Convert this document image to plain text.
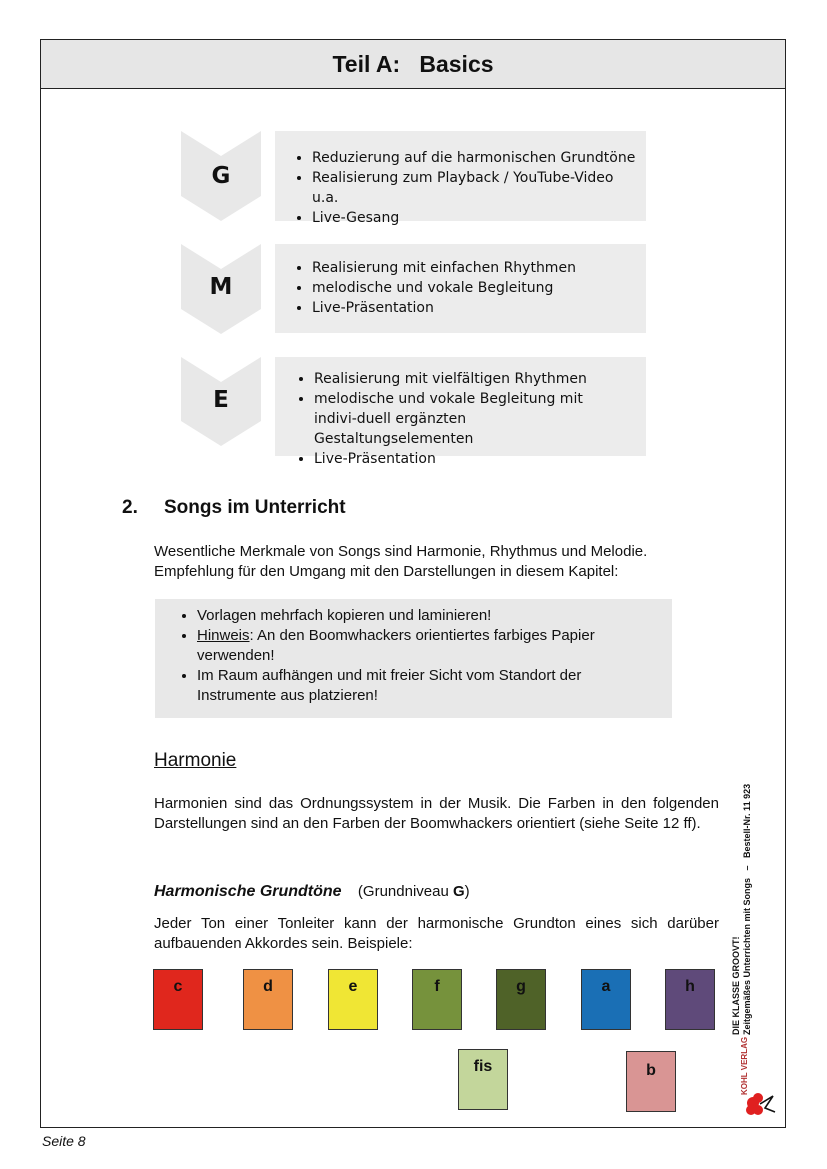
Teil A:   Basics
G
• Reduzierung auf die harmonischen Grundtöne
• Realisierung zum Playback / YouTube-Video u.a.
• Live-Gesang
M
• Realisierung mit einfachen Rhythmen
• melodische und vokale Begleitung
• Live-Präsentation
E
• Realisierung mit vielfältigen Rhythmen
• melodische und vokale Begleitung mit indivi-duell ergänzten Gestaltungselementen
• Live-Präsentation
2. Songs im Unterricht
Wesentliche Merkmale von Songs sind Harmonie, Rhythmus und Melodie.
Empfehlung für den Umgang mit den Darstellungen in diesem Kapitel:
• Vorlagen mehrfach kopieren und laminieren!
• Hinweis: An den Boomwhackers orientiertes farbiges Papier verwenden!
• Im Raum aufhängen und mit freier Sicht vom Standort der Instrumente aus platzieren!
Harmonie
Harmonien sind das Ordnungssystem in der Musik. Die Farben in den folgenden Darstellungen sind an den Farben der Boomwhackers orientiert (siehe Seite 12 ff).
Harmonische Grundtöne (Grundniveau G)
Jeder Ton einer Tonleiter kann der harmonische Grundton eines sich darüber aufbauenden Akkordes sein. Beispiele:
c	d	e	f	g	a	h
fis	b
DIE KLASSE GROOVT! Zeitgemäßes Unterrichten mit Songs   –   Bestell-Nr. 11 923
KOHL VERLAG
Seite 8
